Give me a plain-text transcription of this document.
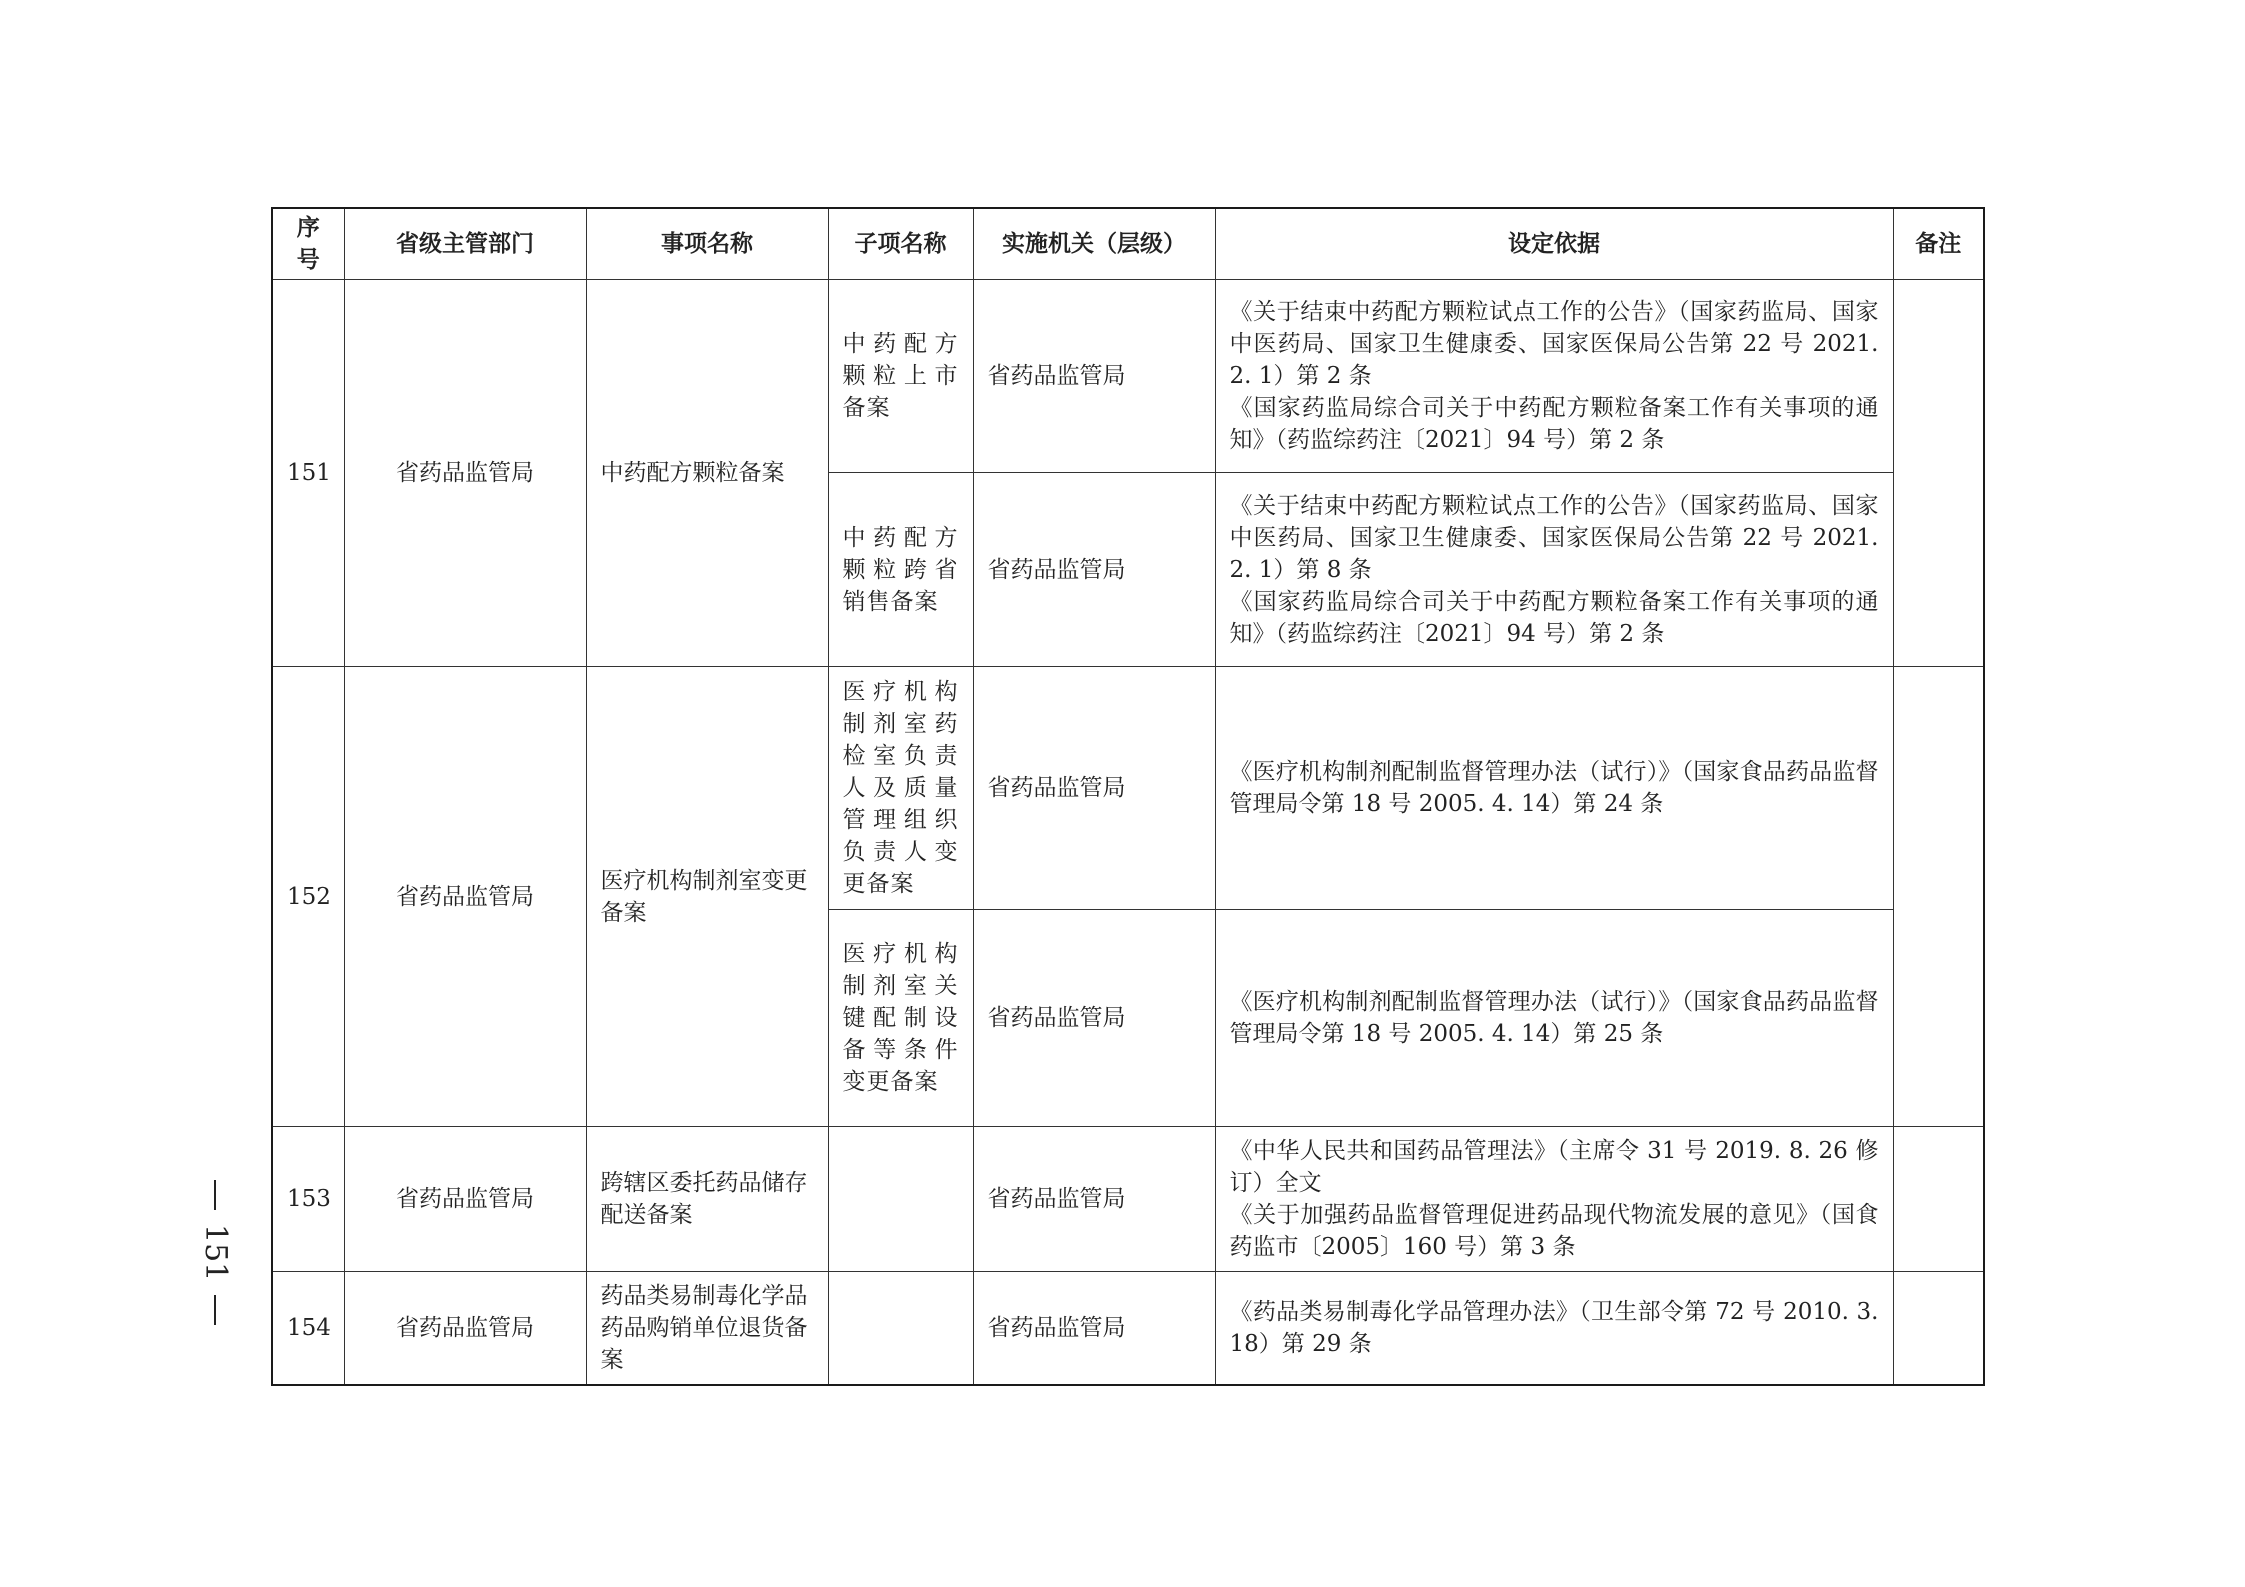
序号	省级主管部门	事项名称	子项名称	实施机关（层级）	设定依据	备注
151	省药品监管局	中药配方颗粒备案	中药配方颗粒上市备案	省药品监管局	《关于结束中药配方颗粒试点工作的公告》（国家药监局、国家中医药局、国家卫生健康委、国家医保局公告第 22 号 2021. 2. 1）第 2 条
《国家药监局综合司关于中药配方颗粒备案工作有关事项的通知》（药监综药注〔2021〕94 号）第 2 条	

			中药配方颗粒跨省销售备案	省药品监管局	《关于结束中药配方颗粒试点工作的公告》（国家药监局、国家中医药局、国家卫生健康委、国家医保局公告第 22 号 2021. 2. 1）第 8 条
《国家药监局综合司关于中药配方颗粒备案工作有关事项的通知》（药监综药注〔2021〕94 号）第 2 条	

152	省药品监管局	医疗机构制剂室变更备案	医疗机构制剂室药检室负责人及质量管理组织负责人变更备案	省药品监管局	《医疗机构制剂配制监督管理办法（试行）》（国家食品药品监督管理局令第 18 号 2005. 4. 14）第 24 条	

			医疗机构制剂室关键配制设备等条件变更备案	省药品监管局	《医疗机构制剂配制监督管理办法（试行）》（国家食品药品监督管理局令第 18 号 2005. 4. 14）第 25 条	

153	省药品监管局	跨辖区委托药品储存配送备案		省药品监管局	《中华人民共和国药品管理法》（主席令 31 号 2019. 8. 26 修订）全文
《关于加强药品监督管理促进药品现代物流发展的意见》（国食药监市〔2005〕160 号）第 3 条	

154	省药品监管局	药品类易制毒化学品药品购销单位退货备案		省药品监管局	《药品类易制毒化学品管理办法》（卫生部令第 72 号 2010. 3. 18）第 29 条	

151
